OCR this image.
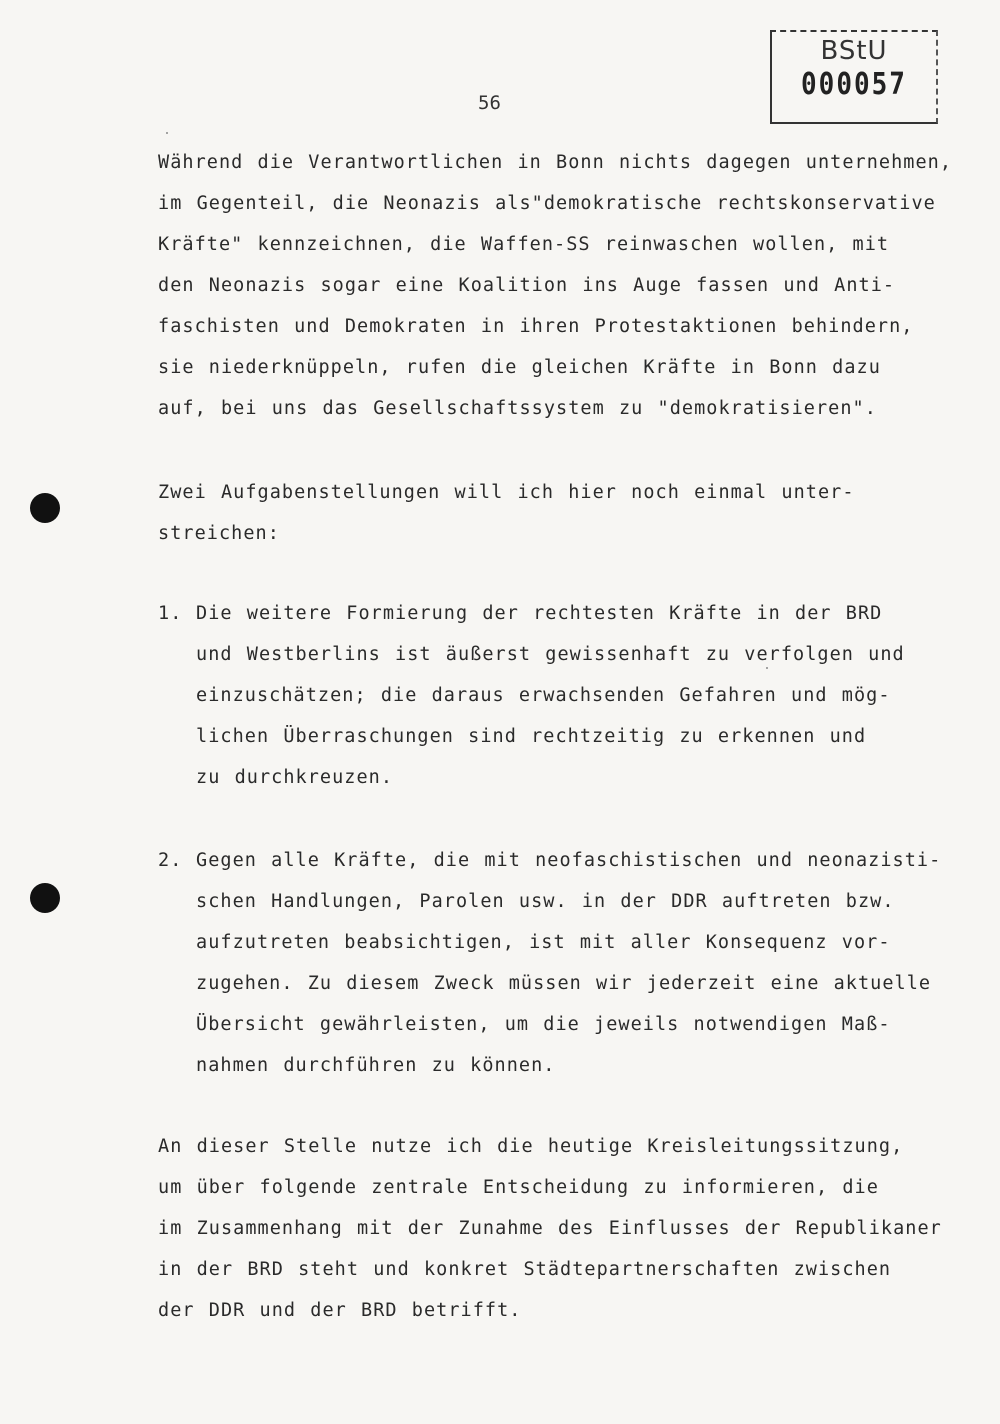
BStU
000057
56
Während die Verantwortlichen in Bonn nichts dagegen unternehmen,
im Gegenteil, die Neonazis als"demokratische rechtskonservative
Kräfte" kennzeichnen, die Waffen-SS reinwaschen wollen, mit
den Neonazis sogar eine Koalition ins Auge fassen und Anti-
faschisten und Demokraten in ihren Protestaktionen behindern,
sie niederknüppeln, rufen die gleichen Kräfte in Bonn dazu
auf, bei uns das Gesellschaftssystem zu "demokratisieren".
Zwei Aufgabenstellungen will ich hier noch einmal unter-
streichen:
1. Die weitere Formierung der rechtesten Kräfte in der BRD
und Westberlins ist äußerst gewissenhaft zu verfolgen und
einzuschätzen; die daraus erwachsenden Gefahren und mög-
lichen Überraschungen sind rechtzeitig zu erkennen und
zu durchkreuzen.
2. Gegen alle Kräfte, die mit neofaschistischen und neonazisti-
schen Handlungen, Parolen usw. in der DDR auftreten bzw.
aufzutreten beabsichtigen, ist mit aller Konsequenz vor-
zugehen. Zu diesem Zweck müssen wir jederzeit eine aktuelle
Übersicht gewährleisten, um die jeweils notwendigen Maß-
nahmen durchführen zu können.
An dieser Stelle nutze ich die heutige Kreisleitungssitzung,
um über folgende zentrale Entscheidung zu informieren, die
im Zusammenhang mit der Zunahme des Einflusses der Republikaner
in der BRD steht und konkret Städtepartnerschaften zwischen
der DDR und der BRD betrifft.
